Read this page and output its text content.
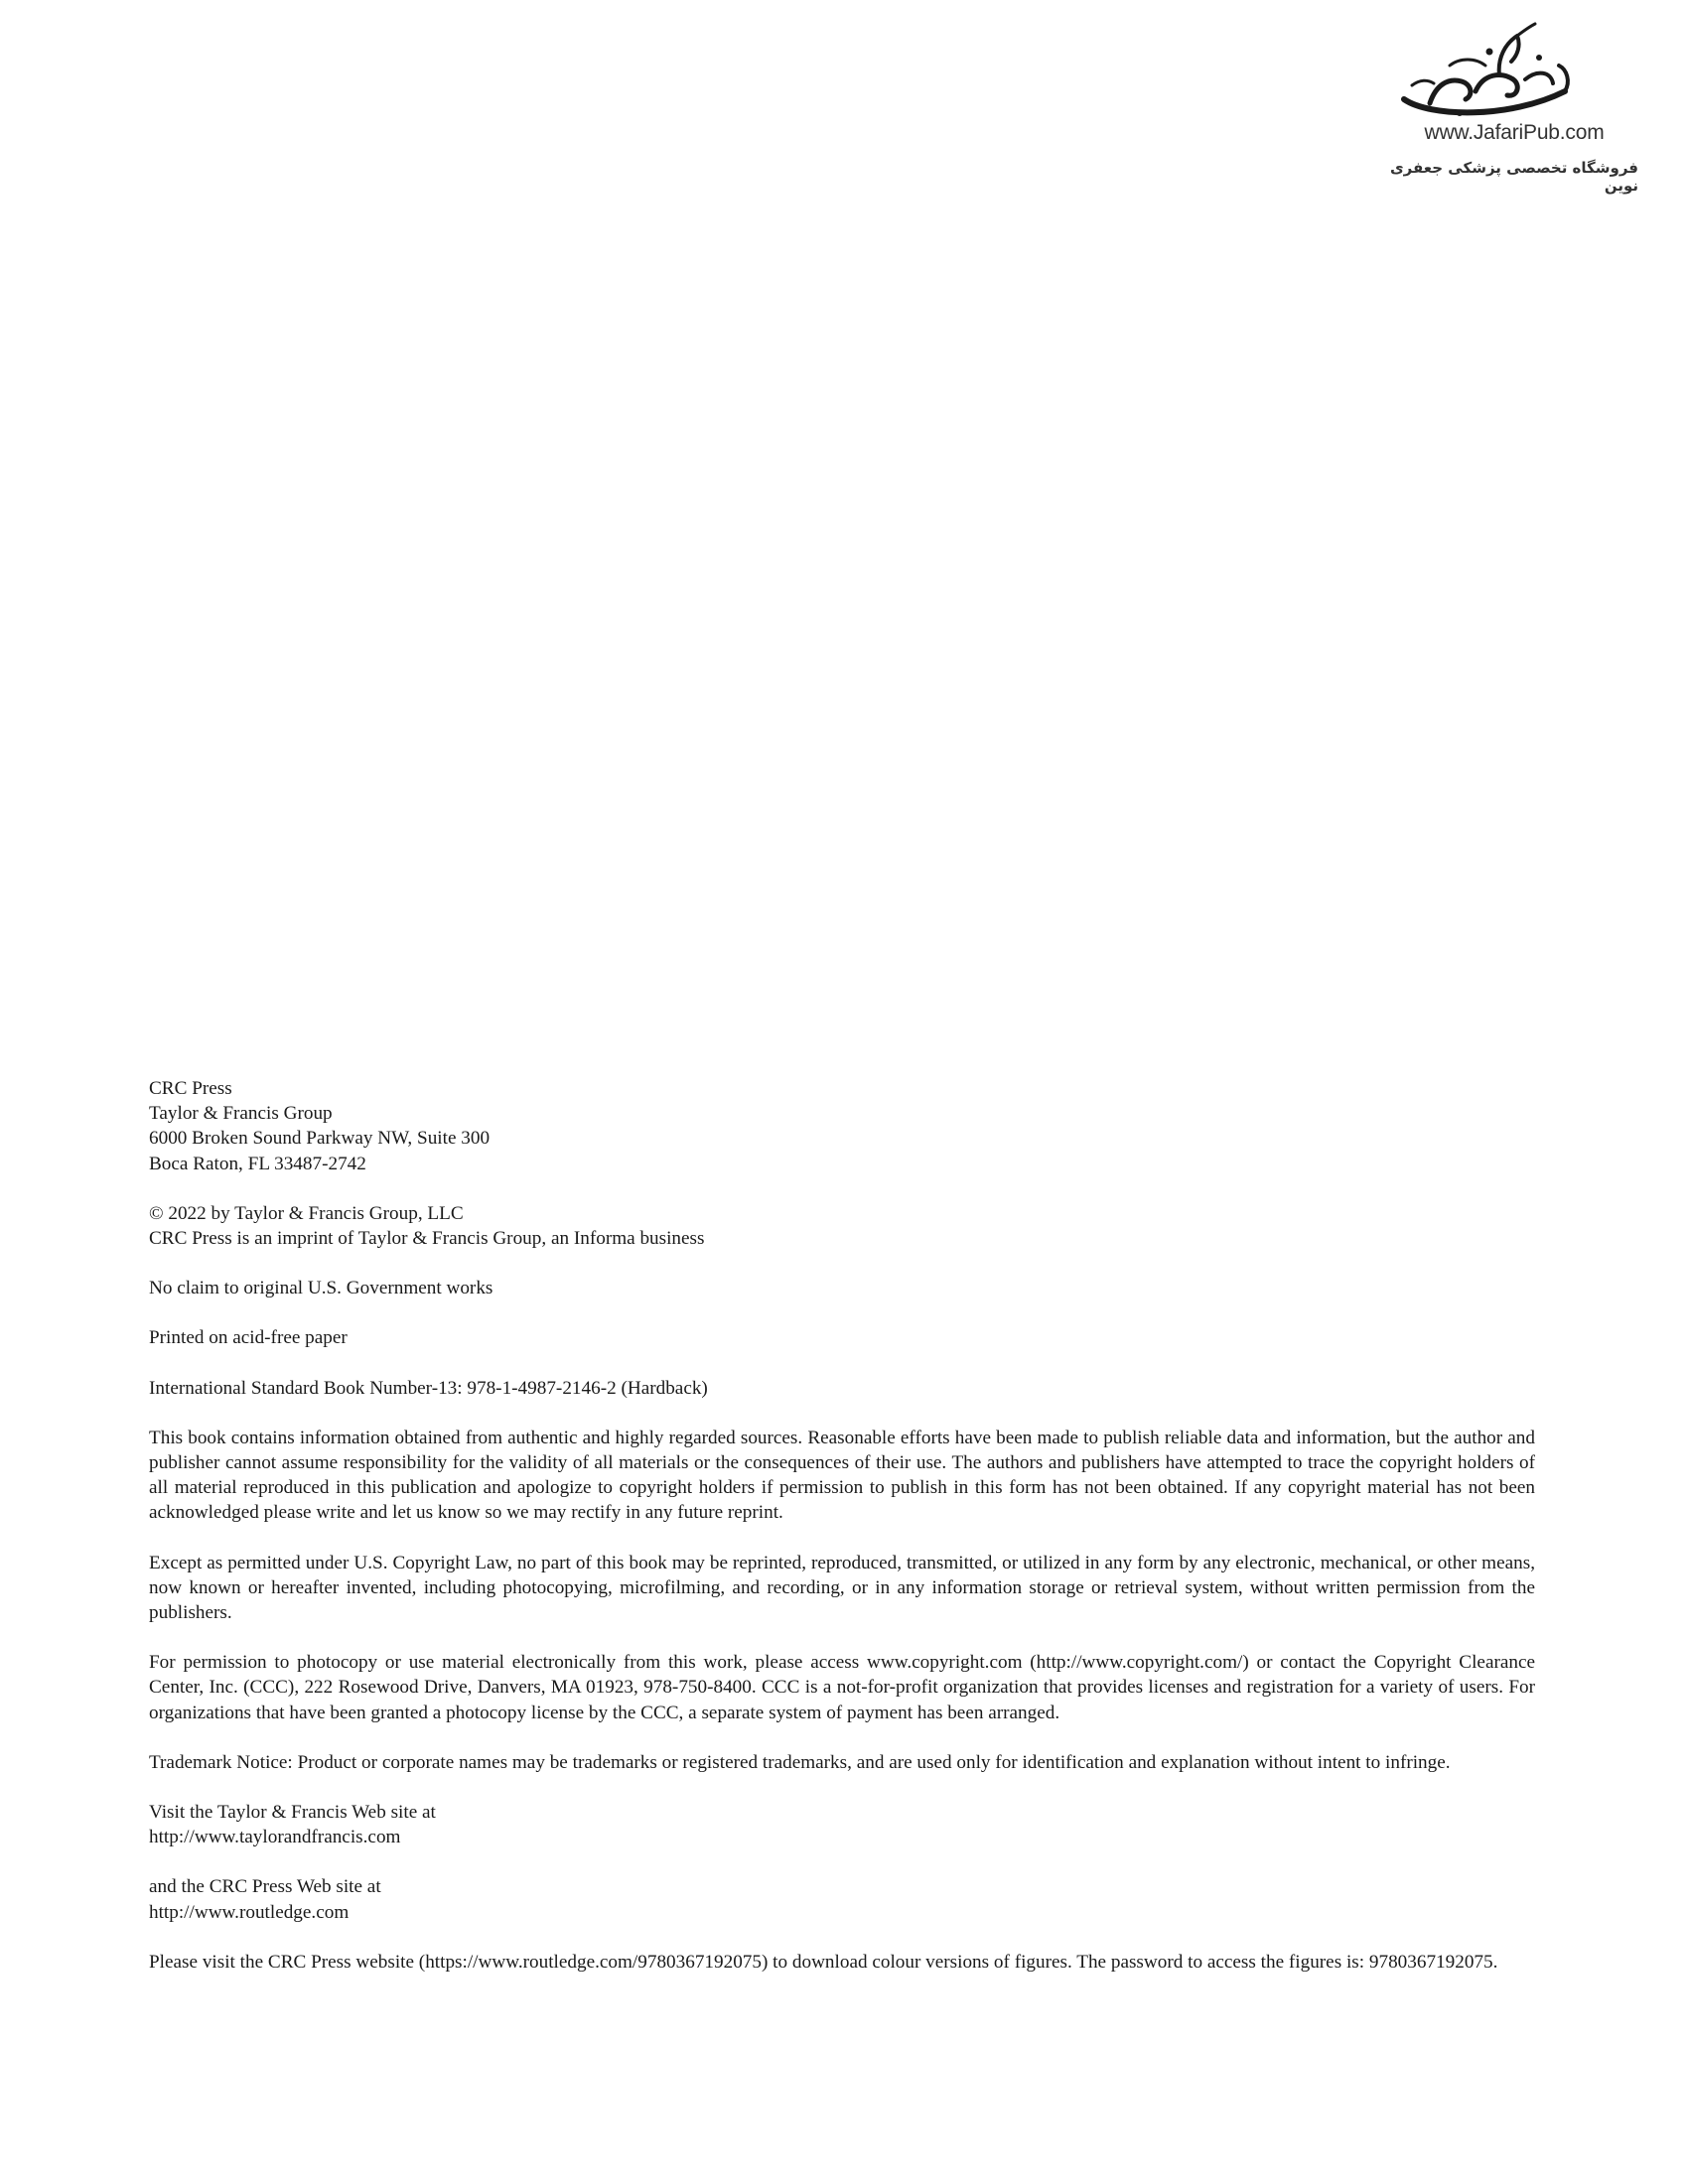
www.JafariPub.com
فروشگاه تخصصی پزشکی جعفری نوین

CRC Press
Taylor & Francis Group
6000 Broken Sound Parkway NW, Suite 300
Boca Raton, FL 33487-2742

© 2022 by Taylor & Francis Group, LLC
CRC Press is an imprint of Taylor & Francis Group, an Informa business

No claim to original U.S. Government works

Printed on acid-free paper

International Standard Book Number-13: 978-1-4987-2146-2 (Hardback)

This book contains information obtained from authentic and highly regarded sources. Reasonable efforts have been made to publish reliable data and information, but the author and publisher cannot assume responsibility for the validity of all materials or the consequences of their use. The authors and publishers have attempted to trace the copyright holders of all material reproduced in this publication and apologize to copyright holders if permission to publish in this form has not been obtained. If any copyright material has not been acknowledged please write and let us know so we may rectify in any future reprint.

Except as permitted under U.S. Copyright Law, no part of this book may be reprinted, reproduced, transmitted, or utilized in any form by any electronic, mechanical, or other means, now known or hereafter invented, including photocopying, microfilming, and recording, or in any information storage or retrieval system, without written permission from the publishers.

For permission to photocopy or use material electronically from this work, please access www.copyright.com (http://www.copyright.com/) or contact the Copyright Clearance Center, Inc. (CCC), 222 Rosewood Drive, Danvers, MA 01923, 978-750-8400. CCC is a not-for-profit organization that provides licenses and registration for a variety of users. For organizations that have been granted a photocopy license by the CCC, a separate system of payment has been arranged.

Trademark Notice: Product or corporate names may be trademarks or registered trademarks, and are used only for identification and explanation without intent to infringe.

Visit the Taylor & Francis Web site at
http://www.taylorandfrancis.com

and the CRC Press Web site at
http://www.routledge.com

Please visit the CRC Press website (https://www.routledge.com/9780367192075) to download colour versions of figures. The password to access the figures is: 9780367192075.
